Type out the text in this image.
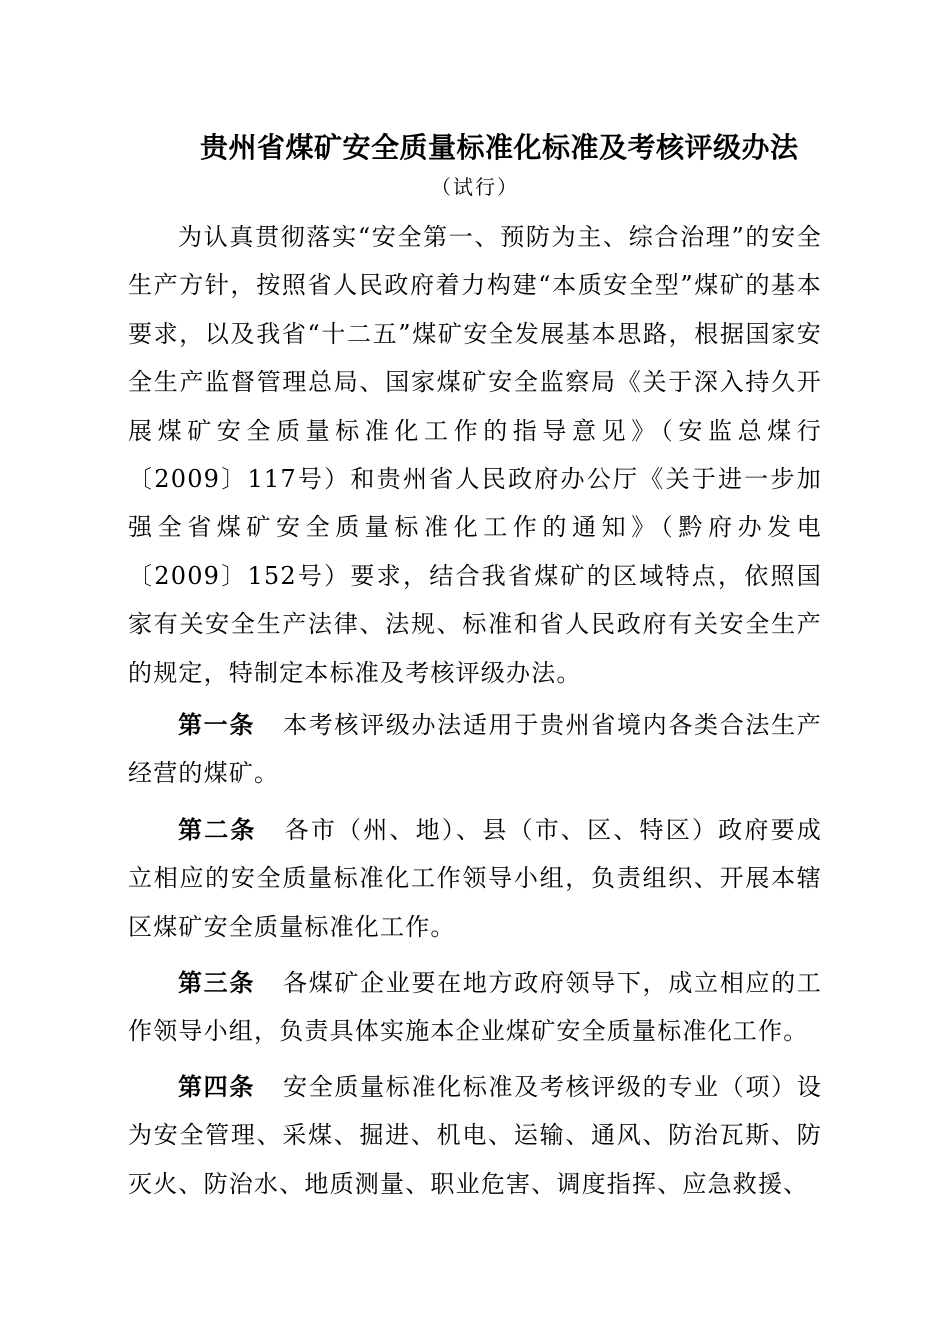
贵州省煤矿安全质量标准化标准及考核评级办法
（试行）

为认真贯彻落实“安全第一、预防为主、综合治理”的安全生产方针，按照省人民政府着力构建“本质安全型”煤矿的基本要求，以及我省“十二五”煤矿安全发展基本思路，根据国家安全生产监督管理总局、国家煤矿安全监察局《关于深入持久开展煤矿安全质量标准化工作的指导意见》（安监总煤行〔2009〕117号）和贵州省人民政府办公厅《关于进一步加强全省煤矿安全质量标准化工作的通知》（黔府办发电〔2009〕152号）要求，结合我省煤矿的区域特点，依照国家有关安全生产法律、法规、标准和省人民政府有关安全生产的规定，特制定本标准及考核评级办法。

第一条 本考核评级办法适用于贵州省境内各类合法生产经营的煤矿。

第二条 各市（州、地）、县（市、区、特区）政府要成立相应的安全质量标准化工作领导小组，负责组织、开展本辖区煤矿安全质量标准化工作。

第三条 各煤矿企业要在地方政府领导下，成立相应的工作领导小组，负责具体实施本企业煤矿安全质量标准化工作。

第四条 安全质量标准化标准及考核评级的专业（项）设为安全管理、采煤、掘进、机电、运输、通风、防治瓦斯、防灭火、防治水、地质测量、职业危害、调度指挥、应急救援、
